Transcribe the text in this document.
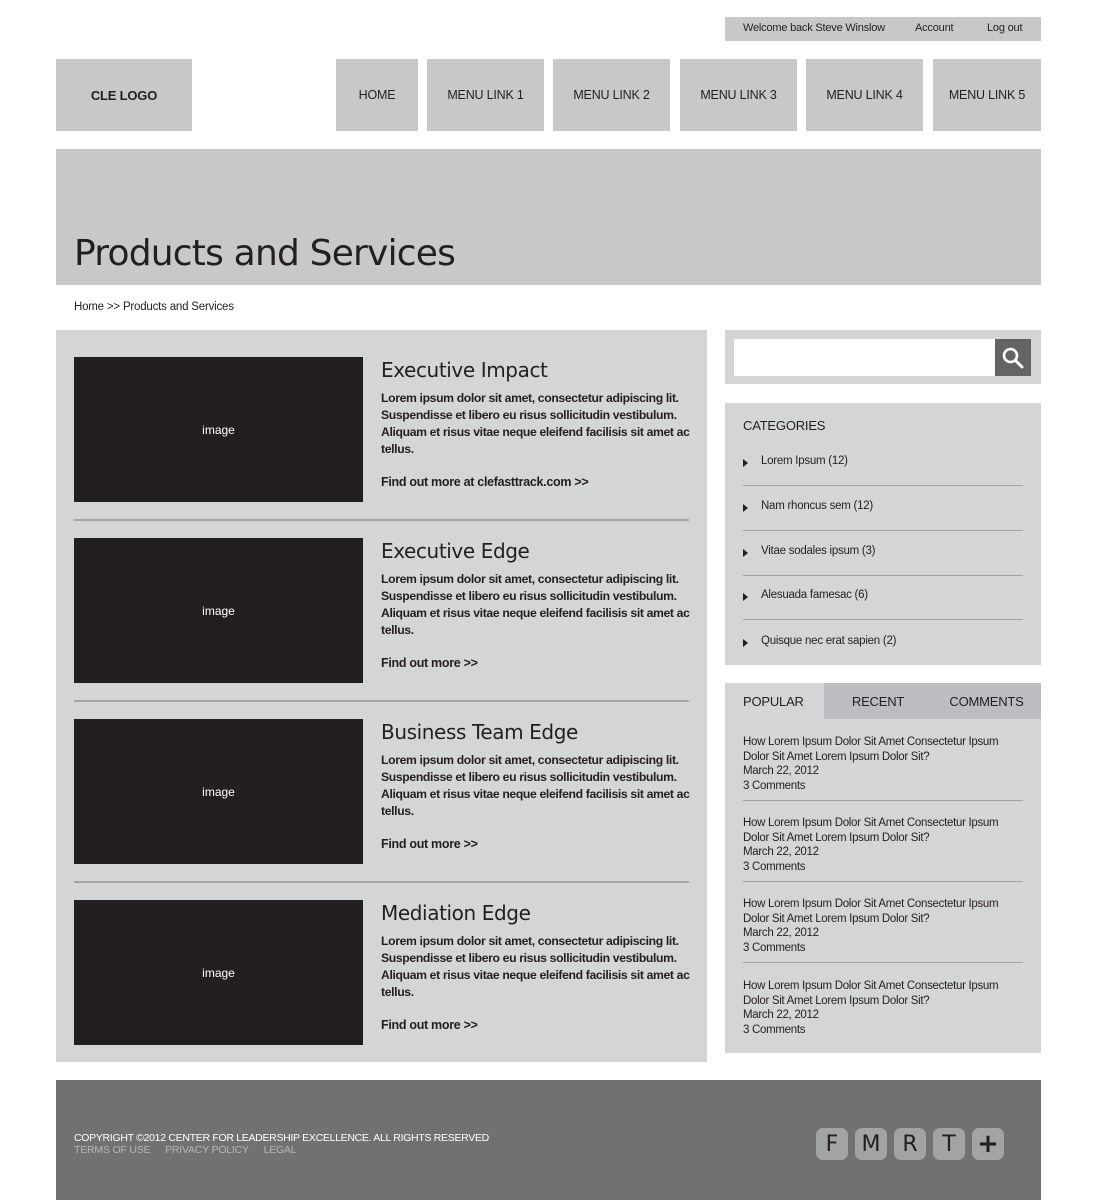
Welcome back Steve Winslow	Account	Log out
CLE LOGO	HOME	MENU LINK 1	MENU LINK 2	MENU LINK 3	MENU LINK 4	MENU LINK 5
Products and Services
Home >> Products and Services
image
Executive Impact

Lorem ipsum dolor sit amet, consectetur adipiscing lit. Suspendisse et libero eu risus sollicitudin vestibulum. Aliquam et risus vitae neque eleifend facilisis sit amet ac tellus.

Find out more at clefasttrack.com >>
image
Executive Edge

Lorem ipsum dolor sit amet, consectetur adipiscing lit. Suspendisse et libero eu risus sollicitudin vestibulum. Aliquam et risus vitae neque eleifend facilisis sit amet ac tellus.

Find out more >>
image
Business Team Edge

Lorem ipsum dolor sit amet, consectetur adipiscing lit. Suspendisse et libero eu risus sollicitudin vestibulum. Aliquam et risus vitae neque eleifend facilisis sit amet ac tellus.

Find out more >>
image
Mediation Edge

Lorem ipsum dolor sit amet, consectetur adipiscing lit. Suspendisse et libero eu risus sollicitudin vestibulum. Aliquam et risus vitae neque eleifend facilisis sit amet ac tellus.

Find out more >>
CATEGORIES
Lorem Ipsum (12)
Nam rhoncus sem (12)
Vitae sodales ipsum (3)
Alesuada famesac (6)
Quisque nec erat sapien (2)
POPULAR	RECENT	COMMENTS
How Lorem Ipsum Dolor Sit Amet Consectetur Ipsum Dolor Sit Amet Lorem Ipsum Dolor Sit?
March 22, 2012
3 Comments
How Lorem Ipsum Dolor Sit Amet Consectetur Ipsum Dolor Sit Amet Lorem Ipsum Dolor Sit?
March 22, 2012
3 Comments
How Lorem Ipsum Dolor Sit Amet Consectetur Ipsum Dolor Sit Amet Lorem Ipsum Dolor Sit?
March 22, 2012
3 Comments
How Lorem Ipsum Dolor Sit Amet Consectetur Ipsum Dolor Sit Amet Lorem Ipsum Dolor Sit?
March 22, 2012
3 Comments
COPYRIGHT ©2012 CENTER FOR LEADERSHIP EXCELLENCE. ALL RIGHTS RESERVED
TERMS OF USE PRIVACY POLICY LEGAL	F M R T +
